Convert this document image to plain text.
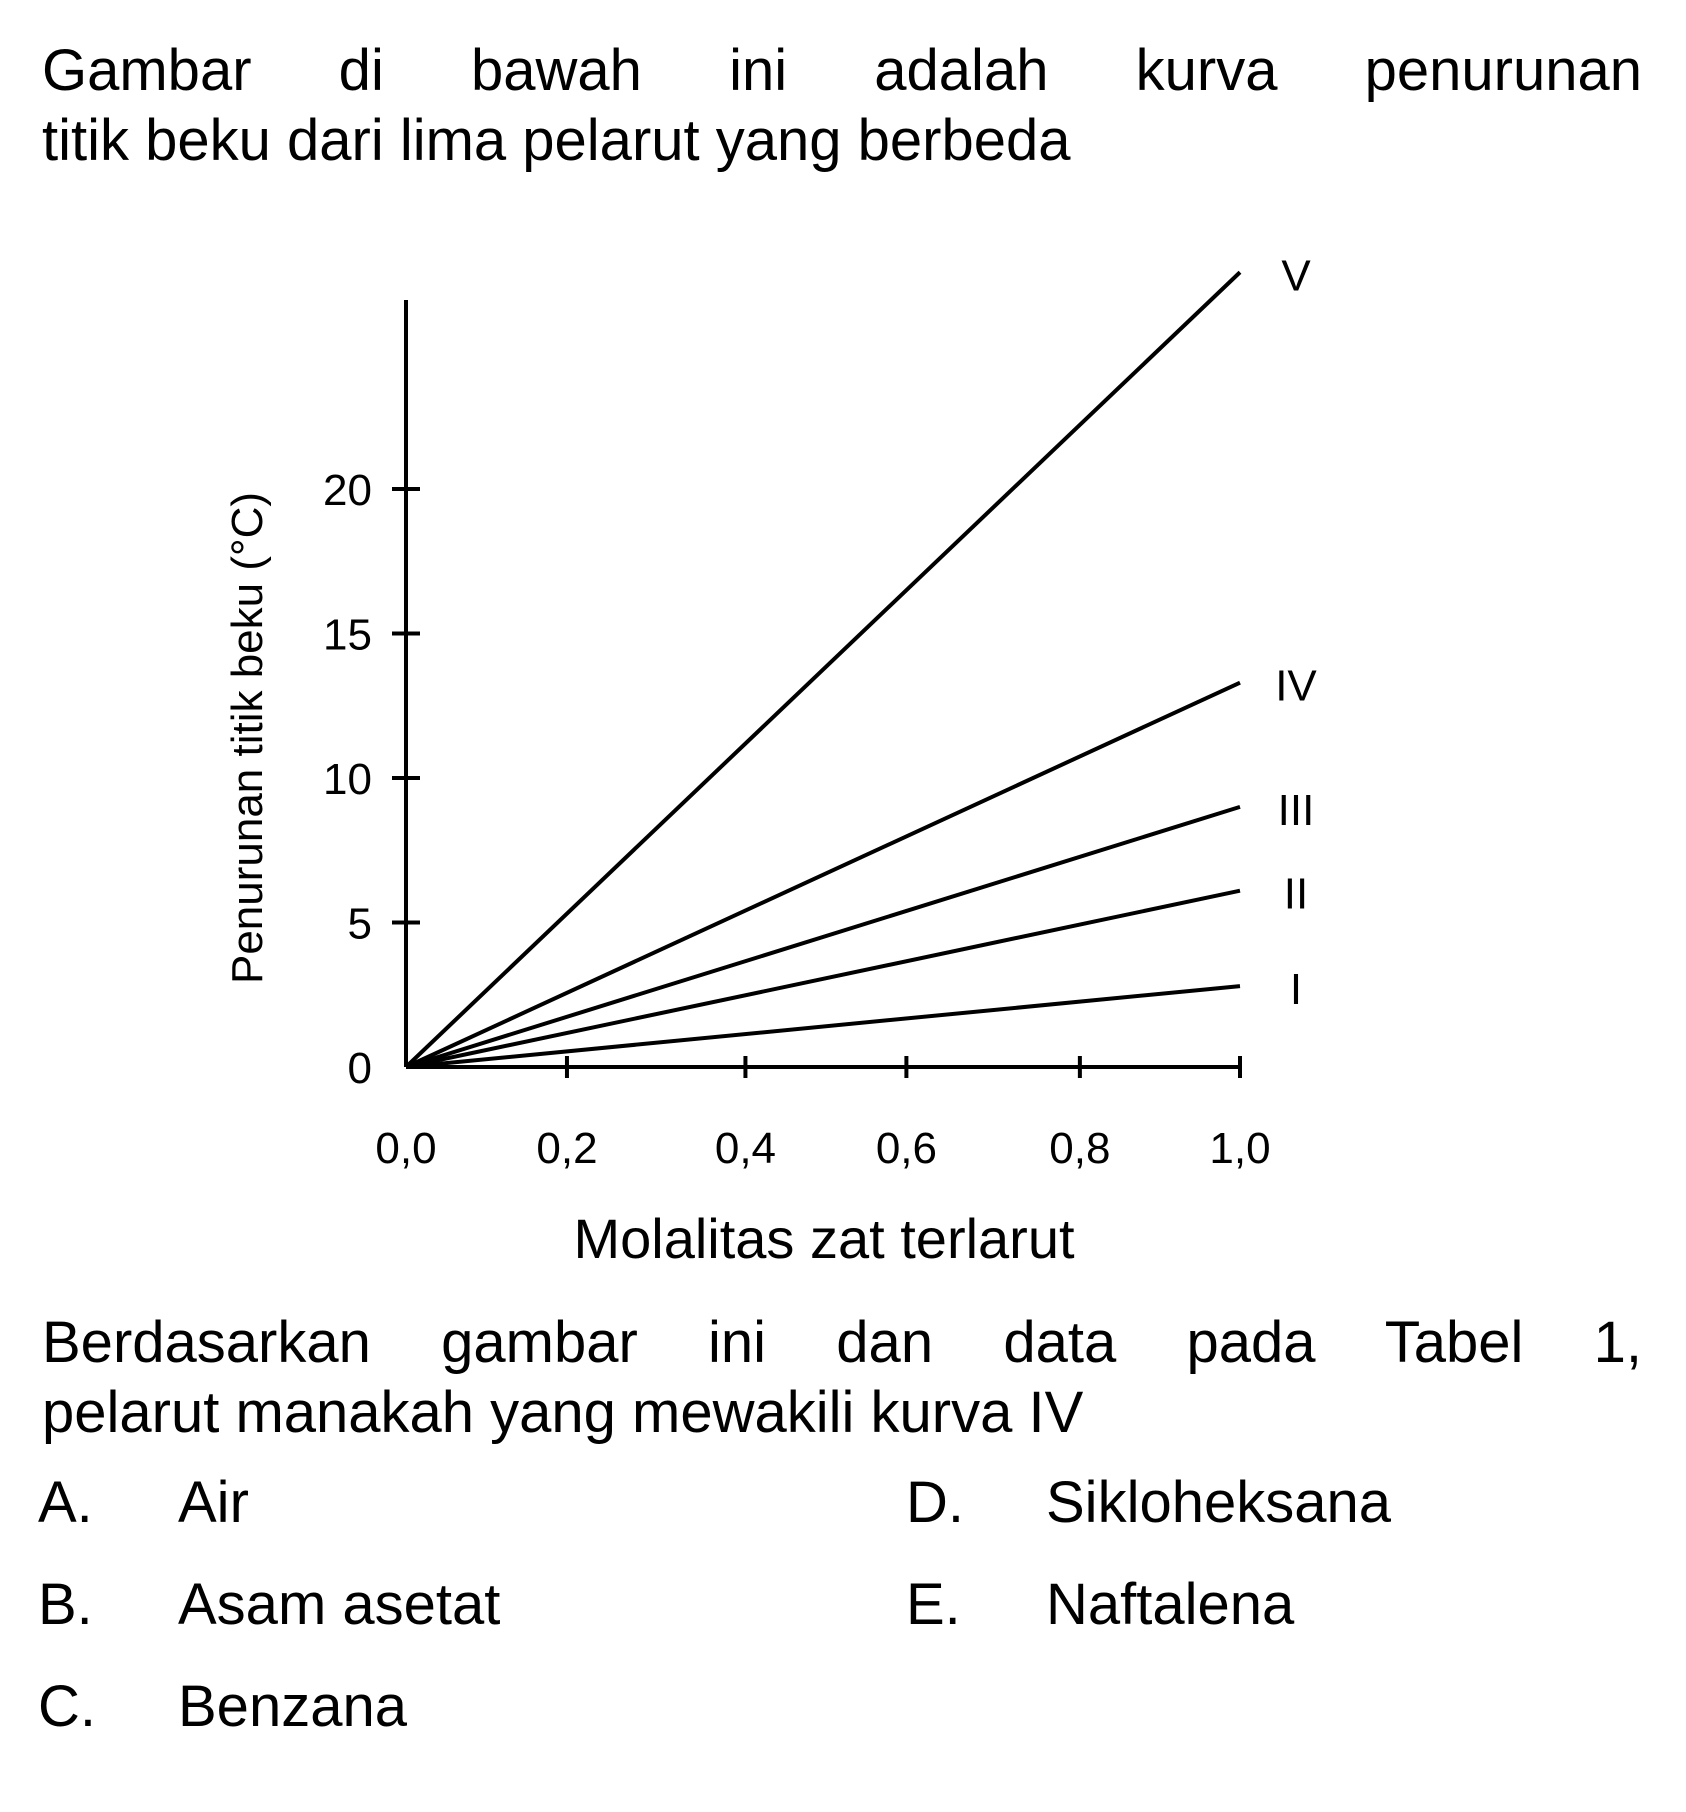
Gambar di bawah ini adalah kurva penurunan
titik beku dari lima pelarut yang berbeda
0,0 0,2	0,4 0,6	0,8 1,0
0
5
10
15
20
I
II
III
IV
V
Molalitas zat terlarut
Penurunan titik beku (°C)
Berdasarkan gambar ini dan data pada Tabel 1,
pelarut manakah yang mewakili kurva IV
A. Air
B. Asam asetat
C. Benzana
D. Sikloheksana
E. Naftalena
